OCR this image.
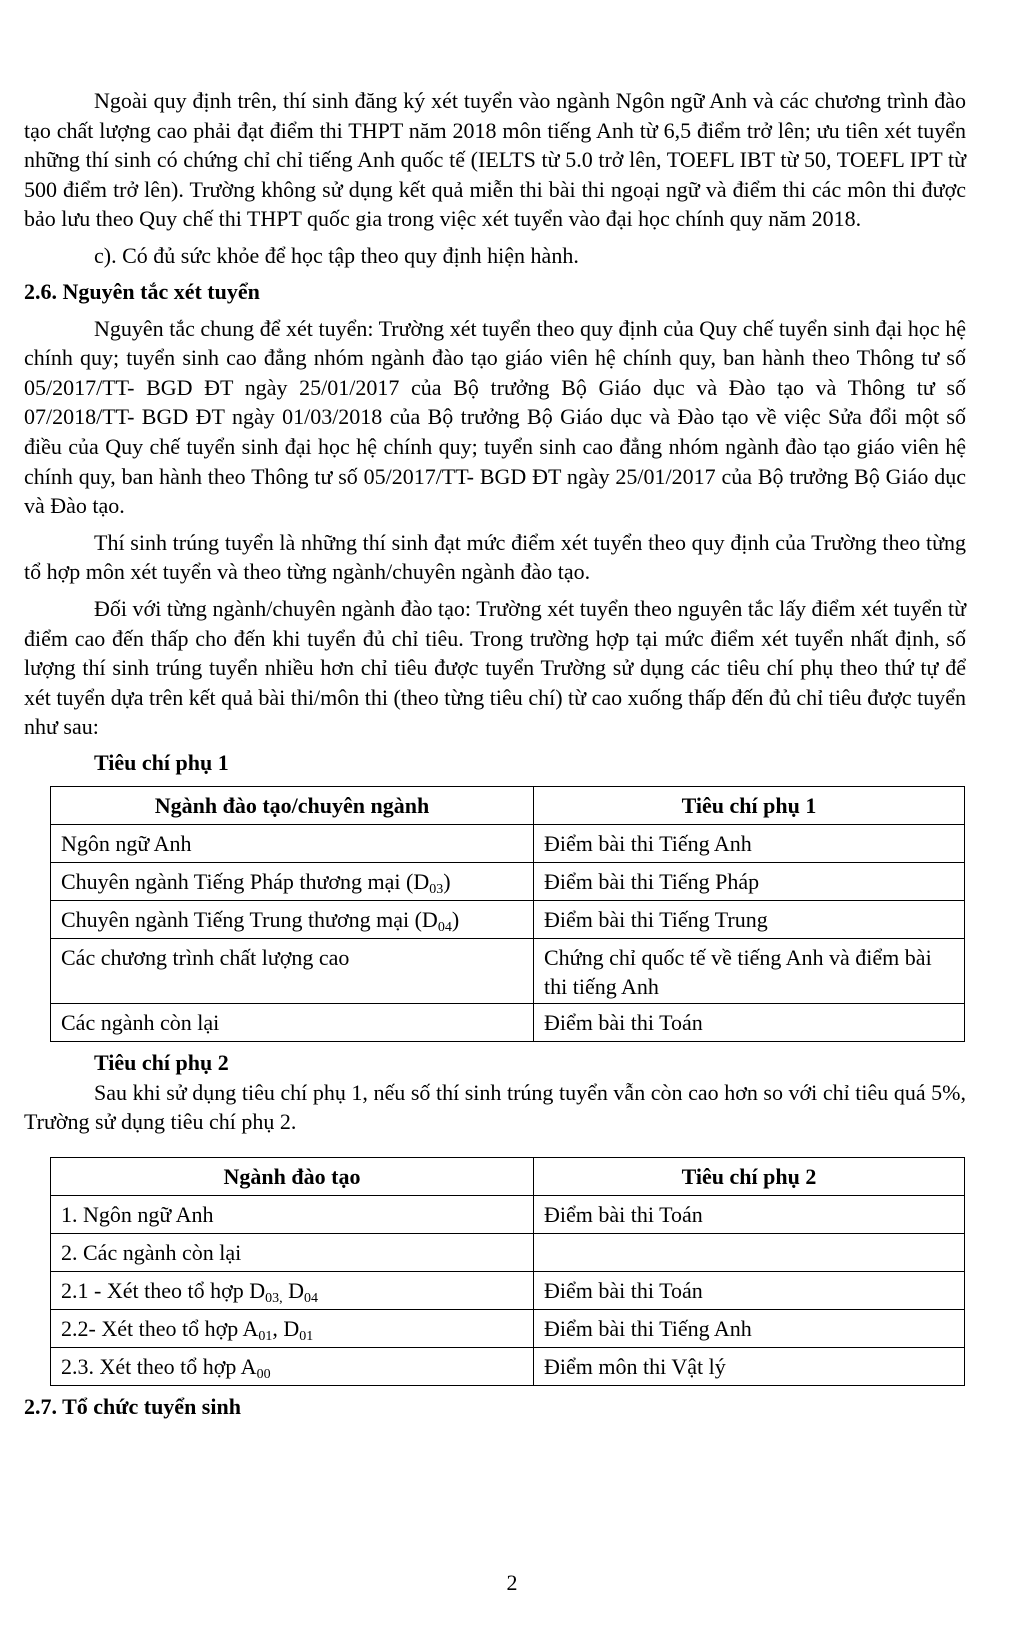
Ngoài quy định trên, thí sinh đăng ký xét tuyển vào ngành Ngôn ngữ Anh và các chương trình đào tạo chất lượng cao phải đạt điểm thi THPT năm 2018 môn tiếng Anh từ 6,5 điểm trở lên; ưu tiên xét tuyển những thí sinh có chứng chỉ chỉ tiếng Anh quốc tế (IELTS từ 5.0 trở lên, TOEFL IBT từ 50, TOEFL IPT từ 500 điểm trở lên). Trường không sử dụng kết quả miễn thi bài thi ngoại ngữ và điểm thi các môn thi được bảo lưu theo Quy chế thi THPT quốc gia trong việc xét tuyển vào đại học chính quy năm 2018.

c). Có đủ sức khỏe để học tập theo quy định hiện hành.

2.6. Nguyên tắc xét tuyển

Nguyên tắc chung để xét tuyển: Trường xét tuyển theo quy định của Quy chế tuyển sinh đại học hệ chính quy; tuyển sinh cao đẳng nhóm ngành đào tạo giáo viên hệ chính quy, ban hành theo Thông tư số 05/2017/TT- BGD ĐT ngày 25/01/2017 của Bộ trưởng Bộ Giáo dục và Đào tạo và Thông tư số 07/2018/TT- BGD ĐT ngày 01/03/2018 của Bộ trưởng Bộ Giáo dục và Đào tạo về việc Sửa đổi một số điều của Quy chế tuyển sinh đại học hệ chính quy; tuyển sinh cao đẳng nhóm ngành đào tạo giáo viên hệ chính quy, ban hành theo Thông tư số 05/2017/TT- BGD ĐT ngày 25/01/2017 của Bộ trưởng Bộ Giáo dục và Đào tạo.

Thí sinh trúng tuyển là những thí sinh đạt mức điểm xét tuyển theo quy định của Trường theo từng tổ hợp môn xét tuyển và theo từng ngành/chuyên ngành đào tạo.

Đối với từng ngành/chuyên ngành đào tạo: Trường xét tuyển theo nguyên tắc lấy điểm xét tuyển từ điểm cao đến thấp cho đến khi tuyển đủ chỉ tiêu. Trong trường hợp tại mức điểm xét tuyển nhất định, số lượng thí sinh trúng tuyển nhiều hơn chỉ tiêu được tuyển Trường sử dụng các tiêu chí phụ theo thứ tự để xét tuyển dựa trên kết quả bài thi/môn thi (theo từng tiêu chí) từ cao xuống thấp đến đủ chỉ tiêu được tuyển như sau:

Tiêu chí phụ 1

Ngành đào tạo/chuyên ngành	Tiêu chí phụ 1
Ngôn ngữ Anh	Điểm bài thi Tiếng Anh
Chuyên ngành Tiếng Pháp thương mại $(D_{03})$	Điểm bài thi Tiếng Pháp
Chuyên ngành Tiếng Trung thương mại $(D_{04})$	Điểm bài thi Tiếng Trung
Các chương trình chất lượng cao	Chứng chỉ quốc tế về tiếng Anh và điểm bài thi tiếng Anh
Các ngành còn lại	Điểm bài thi Toán

Tiêu chí phụ 2

Sau khi sử dụng tiêu chí phụ 1, nếu số thí sinh trúng tuyển vẫn còn cao hơn so với chỉ tiêu quá 5%, Trường sử dụng tiêu chí phụ 2.

Ngành đào tạo	Tiêu chí phụ 2
1. Ngôn ngữ Anh	Điểm bài thi Toán
2. Các ngành còn lại	
2.1 - Xét theo tổ hợp $D_{03,}$ $D_{04}$	Điểm bài thi Toán
2.2- Xét theo tổ hợp $A_{01}$, $D_{01}$	Điểm bài thi Tiếng Anh
2.3. Xét theo tổ hợp $A_{00}$	Điểm môn thi Vật lý

2.7. Tổ chức tuyển sinh

2
